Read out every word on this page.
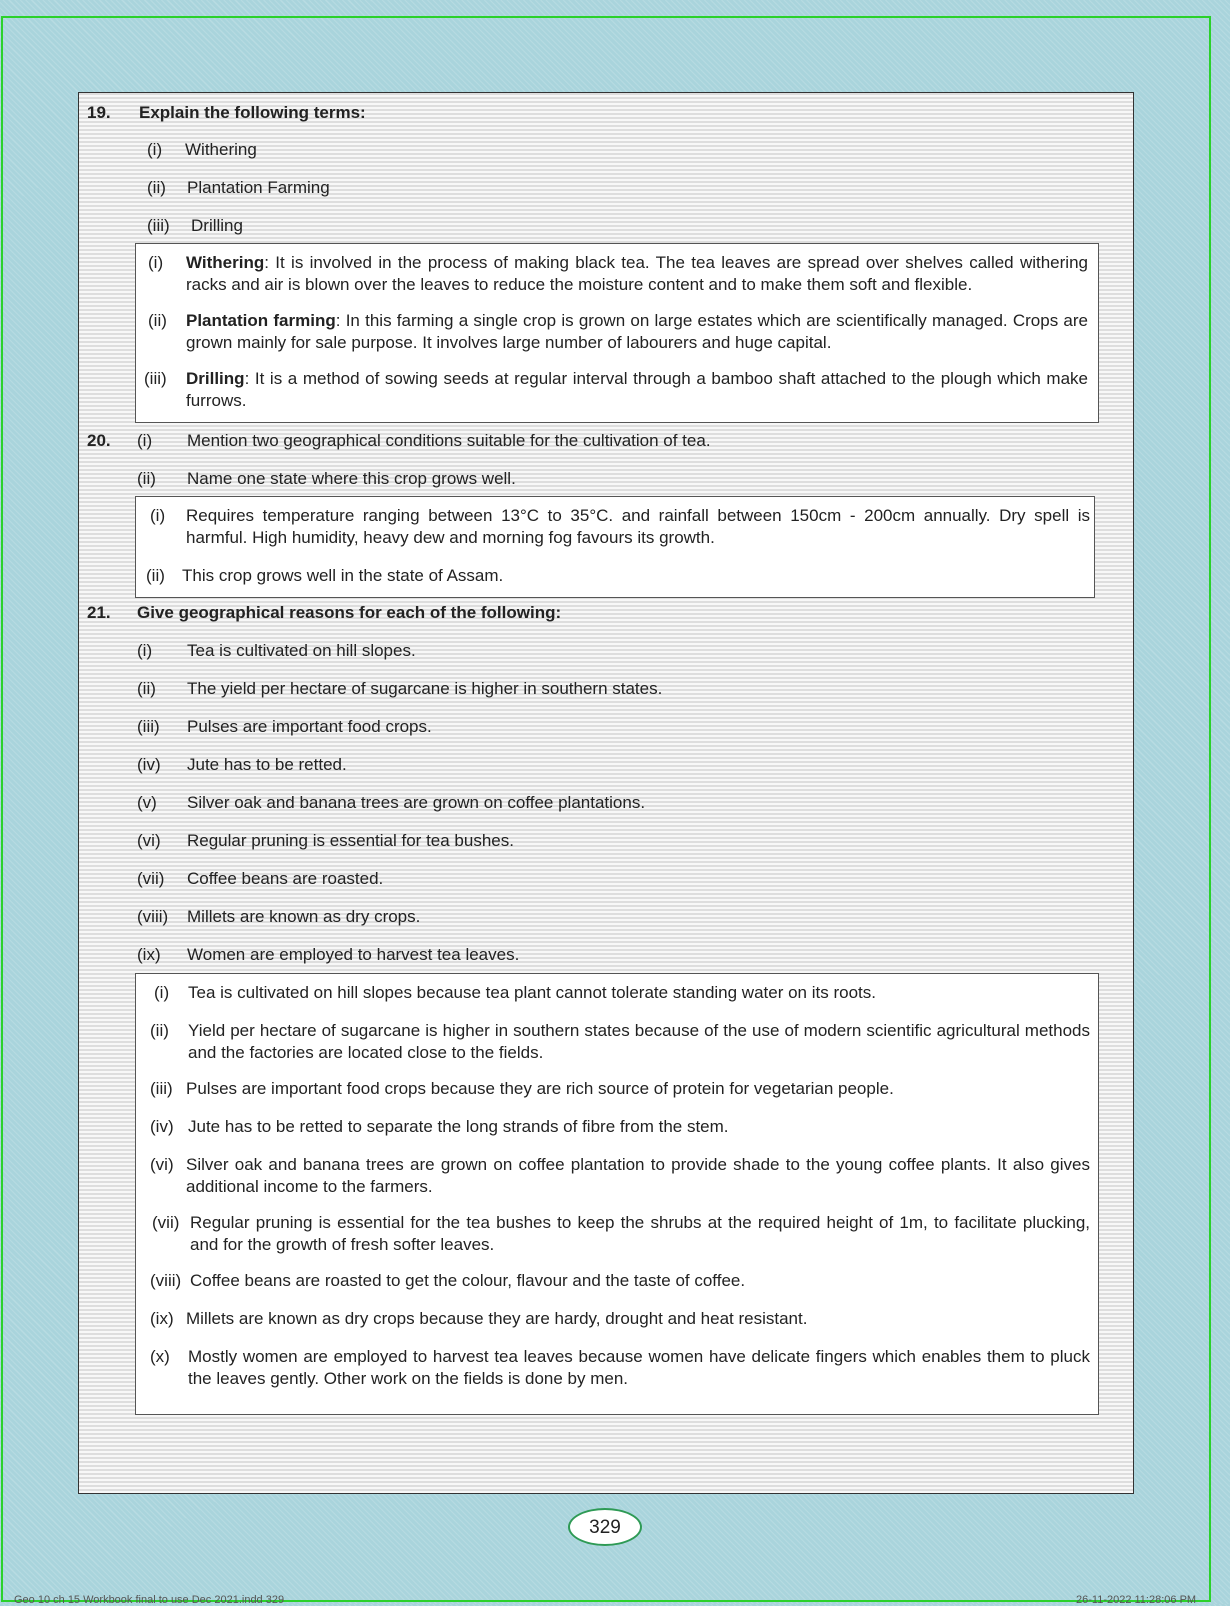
19. Explain the following terms:
(i) Withering
(ii) Plantation Farming
(iii) Drilling
(i) Withering: It is involved in the process of making black tea. The tea leaves are spread over shelves called withering racks and air is blown over the leaves to reduce the moisture content and to make them soft and flexible.
(ii) Plantation farming: In this farming a single crop is grown on large estates which are scientifically managed. Crops are grown mainly for sale purpose. It involves large number of labourers and huge capital.
(iii) Drilling: It is a method of sowing seeds at regular interval through a bamboo shaft attached to the plough which make furrows.
20. (i) Mention two geographical conditions suitable for the cultivation of tea.
(ii) Name one state where this crop grows well.
(i) Requires temperature ranging between 13°C to 35°C. and rainfall between 150cm - 200cm annually. Dry spell is harmful. High humidity, heavy dew and morning fog favours its growth.
(ii) This crop grows well in the state of Assam.
21. Give geographical reasons for each of the following:
(i) Tea is cultivated on hill slopes.
(ii) The yield per hectare of sugarcane is higher in southern states.
(iii) Pulses are important food crops.
(iv) Jute has to be retted.
(v) Silver oak and banana trees are grown on coffee plantations.
(vi) Regular pruning is essential for tea bushes.
(vii) Coffee beans are roasted.
(viii) Millets are known as dry crops.
(ix) Women are employed to harvest tea leaves.
(i) Tea is cultivated on hill slopes because tea plant cannot tolerate standing water on its roots.
(ii) Yield per hectare of sugarcane is higher in southern states because of the use of modern scientific agricultural methods and the factories are located close to the fields.
(iii) Pulses are important food crops because they are rich source of protein for vegetarian people.
(iv) Jute has to be retted to separate the long strands of fibre from the stem.
(vi) Silver oak and banana trees are grown on coffee plantation to provide shade to the young coffee plants. It also gives additional income to the farmers.
(vii) Regular pruning is essential for the tea bushes to keep the shrubs at the required height of 1m, to facilitate plucking, and for the growth of fresh softer leaves.
(viii) Coffee beans are roasted to get the colour, flavour and the taste of coffee.
(ix) Millets are known as dry crops because they are hardy, drought and heat resistant.
(x) Mostly women are employed to harvest tea leaves because women have delicate fingers which enables them to pluck the leaves gently. Other work on the fields is done by men.
329
Geo 10 ch 15 Workbook final to use Dec 2021.indd 329	26-11-2022 11:28:06 PM
